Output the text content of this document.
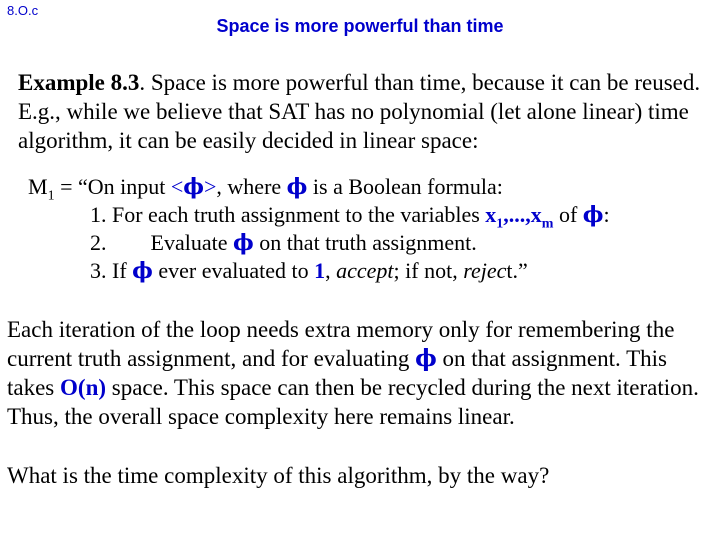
8.O.c
Space is more powerful than time

Example 8.3. Space is more powerful than time, because it can be reused. E.g., while we believe that SAT has no polynomial (let alone linear) time algorithm, it can be easily decided in linear space:

$M_1$ = “On input <ϕ>, where ϕ is a Boolean formula:
1. For each truth assignment to the variables $x_1,...,x_m$ of ϕ:
2. Evaluate ϕ on that truth assignment.
3. If ϕ ever evaluated to 1, accept; if not, reject.”

Each iteration of the loop needs extra memory only for remembering the current truth assignment, and for evaluating ϕ on that assignment. This takes O(n) space. This space can then be recycled during the next iteration. Thus, the overall space complexity here remains linear.

What is the time complexity of this algorithm, by the way?
